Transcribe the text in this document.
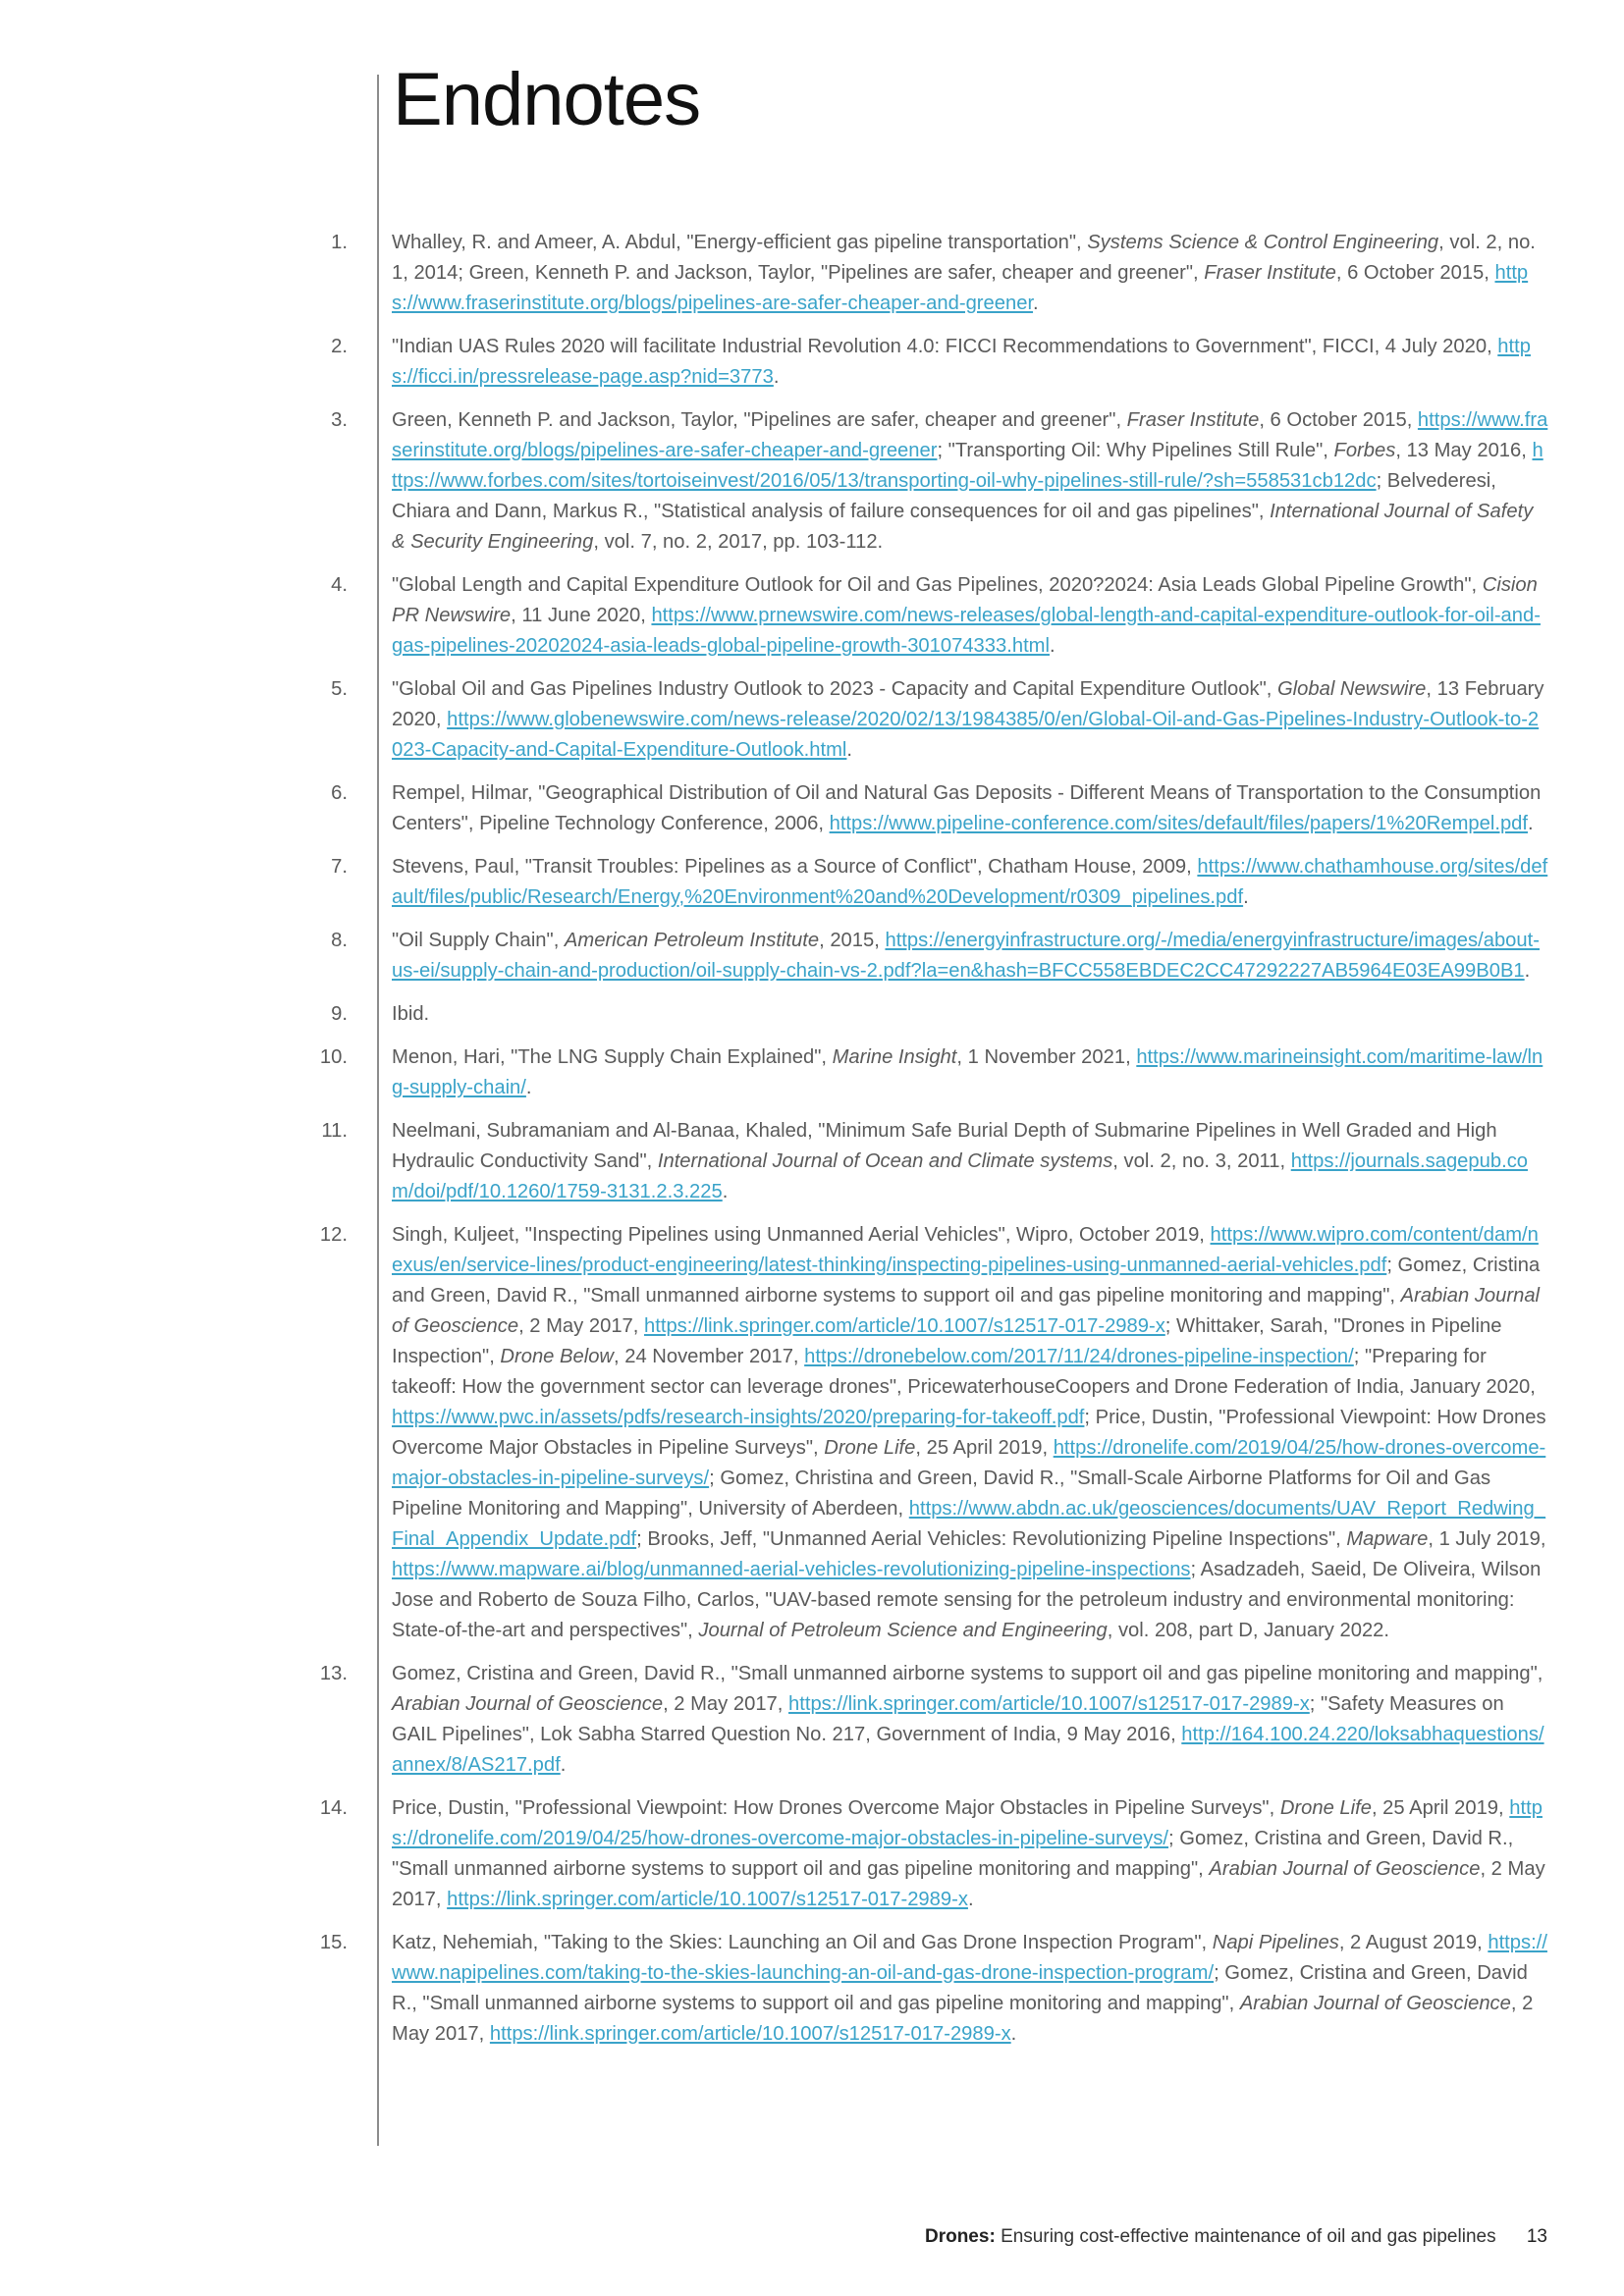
Endnotes
1. Whalley, R. and Ameer, A. Abdul, "Energy-efficient gas pipeline transportation", Systems Science & Control Engineering, vol. 2, no. 1, 2014; Green, Kenneth P. and Jackson, Taylor, "Pipelines are safer, cheaper and greener", Fraser Institute, 6 October 2015, https://www.fraserinstitute.org/blogs/pipelines-are-safer-cheaper-and-greener.
2. "Indian UAS Rules 2020 will facilitate Industrial Revolution 4.0: FICCI Recommendations to Government", FICCI, 4 July 2020, https://ficci.in/pressrelease-page.asp?nid=3773.
3. Green, Kenneth P. and Jackson, Taylor, "Pipelines are safer, cheaper and greener", Fraser Institute, 6 October 2015, https://www.fraserinstitute.org/blogs/pipelines-are-safer-cheaper-and-greener; "Transporting Oil: Why Pipelines Still Rule", Forbes, 13 May 2016, https://www.forbes.com/sites/tortoiseinvest/2016/05/13/transporting-oil-why-pipelines-still-rule/?sh=558531cb12dc; Belvederesi, Chiara and Dann, Markus R., "Statistical analysis of failure consequences for oil and gas pipelines", International Journal of Safety & Security Engineering, vol. 7, no. 2, 2017, pp. 103-112.
4. "Global Length and Capital Expenditure Outlook for Oil and Gas Pipelines, 2020?2024: Asia Leads Global Pipeline Growth", Cision PR Newswire, 11 June 2020, https://www.prnewswire.com/news-releases/global-length-and-capital-expenditure-outlook-for-oil-and-gas-pipelines-20202024-asia-leads-global-pipeline-growth-301074333.html.
5. "Global Oil and Gas Pipelines Industry Outlook to 2023 - Capacity and Capital Expenditure Outlook", Global Newswire, 13 February 2020, https://www.globenewswire.com/news-release/2020/02/13/1984385/0/en/Global-Oil-and-Gas-Pipelines-Industry-Outlook-to-2023-Capacity-and-Capital-Expenditure-Outlook.html.
6. Rempel, Hilmar, "Geographical Distribution of Oil and Natural Gas Deposits - Different Means of Transportation to the Consumption Centers", Pipeline Technology Conference, 2006, https://www.pipeline-conference.com/sites/default/files/papers/1%20Rempel.pdf.
7. Stevens, Paul, "Transit Troubles: Pipelines as a Source of Conflict", Chatham House, 2009, https://www.chathamhouse.org/sites/default/files/public/Research/Energy,%20Environment%20and%20Development/r0309_pipelines.pdf.
8. "Oil Supply Chain", American Petroleum Institute, 2015, https://energyinfrastructure.org/-/media/energyinfrastructure/images/about-us-ei/supply-chain-and-production/oil-supply-chain-vs-2.pdf?la=en&hash=BFCC558EBDEC2CC47292227AB5964E03EA99B0B1.
9. Ibid.
10. Menon, Hari, "The LNG Supply Chain Explained", Marine Insight, 1 November 2021, https://www.marineinsight.com/maritime-law/lng-supply-chain/.
11. Neelmani, Subramaniam and Al-Banaa, Khaled, "Minimum Safe Burial Depth of Submarine Pipelines in Well Graded and High Hydraulic Conductivity Sand", International Journal of Ocean and Climate systems, vol. 2, no. 3, 2011, https://journals.sagepub.com/doi/pdf/10.1260/1759-3131.2.3.225.
12. Singh, Kuljeet, "Inspecting Pipelines using Unmanned Aerial Vehicles", Wipro, October 2019, https://www.wipro.com/content/dam/nexus/en/service-lines/product-engineering/latest-thinking/inspecting-pipelines-using-unmanned-aerial-vehicles.pdf; Gomez, Cristina and Green, David R., "Small unmanned airborne systems to support oil and gas pipeline monitoring and mapping", Arabian Journal of Geoscience, 2 May 2017, https://link.springer.com/article/10.1007/s12517-017-2989-x; Whittaker, Sarah, "Drones in Pipeline Inspection", Drone Below, 24 November 2017, https://dronebelow.com/2017/11/24/drones-pipeline-inspection/; "Preparing for takeoff: How the government sector can leverage drones", PricewaterhouseCoopers and Drone Federation of India, January 2020, https://www.pwc.in/assets/pdfs/research-insights/2020/preparing-for-takeoff.pdf; Price, Dustin, "Professional Viewpoint: How Drones Overcome Major Obstacles in Pipeline Surveys", Drone Life, 25 April 2019, https://dronelife.com/2019/04/25/how-drones-overcome-major-obstacles-in-pipeline-surveys/; Gomez, Christina and Green, David R., "Small-Scale Airborne Platforms for Oil and Gas Pipeline Monitoring and Mapping", University of Aberdeen, https://www.abdn.ac.uk/geosciences/documents/UAV_Report_Redwing_Final_Appendix_Update.pdf; Brooks, Jeff, "Unmanned Aerial Vehicles: Revolutionizing Pipeline Inspections", Mapware, 1 July 2019, https://www.mapware.ai/blog/unmanned-aerial-vehicles-revolutionizing-pipeline-inspections; Asadzadeh, Saeid, De Oliveira, Wilson Jose and Roberto de Souza Filho, Carlos, "UAV-based remote sensing for the petroleum industry and environmental monitoring: State-of-the-art and perspectives", Journal of Petroleum Science and Engineering, vol. 208, part D, January 2022.
13. Gomez, Cristina and Green, David R., "Small unmanned airborne systems to support oil and gas pipeline monitoring and mapping", Arabian Journal of Geoscience, 2 May 2017, https://link.springer.com/article/10.1007/s12517-017-2989-x; "Safety Measures on GAIL Pipelines", Lok Sabha Starred Question No. 217, Government of India, 9 May 2016, http://164.100.24.220/loksabhaquestions/annex/8/AS217.pdf.
14. Price, Dustin, "Professional Viewpoint: How Drones Overcome Major Obstacles in Pipeline Surveys", Drone Life, 25 April 2019, https://dronelife.com/2019/04/25/how-drones-overcome-major-obstacles-in-pipeline-surveys/; Gomez, Cristina and Green, David R., "Small unmanned airborne systems to support oil and gas pipeline monitoring and mapping", Arabian Journal of Geoscience, 2 May 2017, https://link.springer.com/article/10.1007/s12517-017-2989-x.
15. Katz, Nehemiah, "Taking to the Skies: Launching an Oil and Gas Drone Inspection Program", Napi Pipelines, 2 August 2019, https://www.napipelines.com/taking-to-the-skies-launching-an-oil-and-gas-drone-inspection-program/; Gomez, Cristina and Green, David R., "Small unmanned airborne systems to support oil and gas pipeline monitoring and mapping", Arabian Journal of Geoscience, 2 May 2017, https://link.springer.com/article/10.1007/s12517-017-2989-x.
Drones: Ensuring cost-effective maintenance of oil and gas pipelines 13
